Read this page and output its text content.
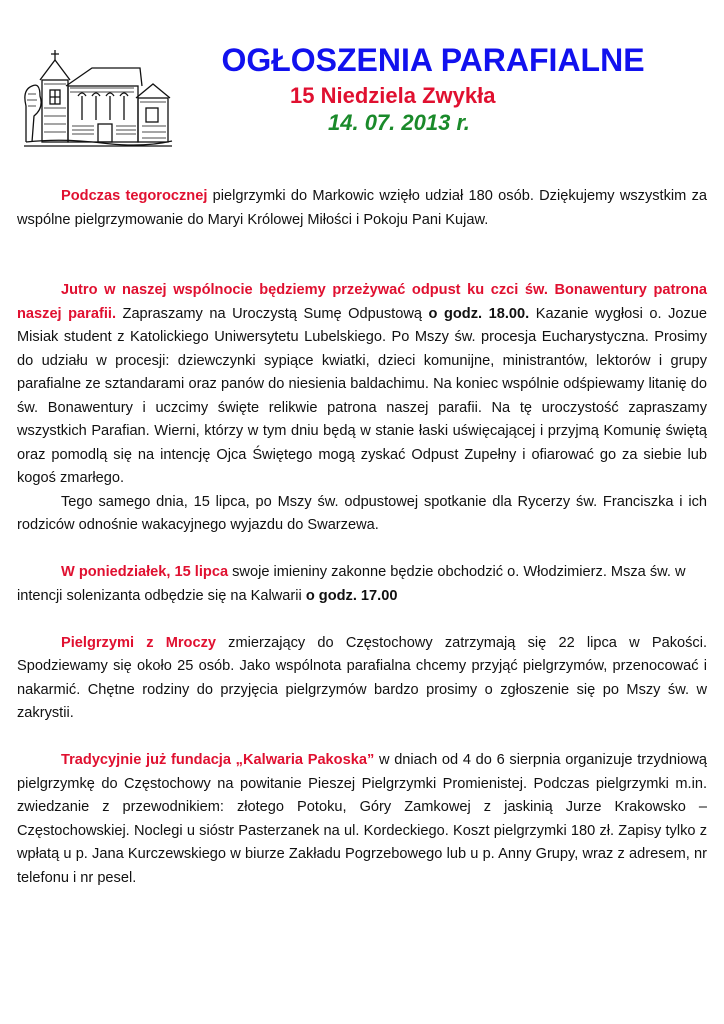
OGŁOSZENIA PARAFIALNE
15 Niedziela Zwykła
14. 07. 2013 r.

Podczas tegorocznej pielgrzymki do Markowic wzięło udział 180 osób. Dziękujemy wszystkim za wspólne pielgrzymowanie do Maryi Królowej Miłości i Pokoju Pani Kujaw.

Jutro w naszej wspólnocie będziemy przeżywać odpust ku czci św. Bonawentury patrona naszej parafii. Zapraszamy na Uroczystą Sumę Odpustową o godz. 18.00. Kazanie wygłosi o. Jozue Misiak student z Katolickiego Uniwersytetu Lubelskiego. Po Mszy św. procesja Eucharystyczna. Prosimy do udziału w procesji: dziewczynki sypiące kwiatki, dzieci komunijne, ministrantów, lektorów i grupy parafialne ze sztandarami oraz panów do niesienia baldachimu. Na koniec wspólnie odśpiewamy litanię do św. Bonawentury i uczcimy święte relikwie patrona naszej parafii. Na tę uroczystość zapraszamy wszystkich Parafian. Wierni, którzy w tym dniu będą w stanie łaski uświęcającej i przyjmą Komunię świętą oraz pomodlą się na intencję Ojca Świętego mogą zyskać Odpust Zupełny i ofiarować go za siebie lub kogoś zmarłego.

Tego samego dnia, 15 lipca, po Mszy św. odpustowej spotkanie dla Rycerzy św. Franciszka i ich rodziców odnośnie wakacyjnego wyjazdu do Swarzewa.

W poniedziałek, 15 lipca swoje imieniny zakonne będzie obchodzić o. Włodzimierz. Msza św. w intencji solenizanta odbędzie się na Kalwarii o godz. 17.00

Pielgrzymi z Mroczy zmierzający do Częstochowy zatrzymają się 22 lipca w Pakości. Spodziewamy się około 25 osób. Jako wspólnota parafialna chcemy przyjąć pielgrzymów, przenocować i nakarmić. Chętne rodziny do przyjęcia pielgrzymów bardzo prosimy o zgłoszenie się po Mszy św. w zakrystii.

Tradycyjnie już fundacja „Kalwaria Pakoska” w dniach od 4 do 6 sierpnia organizuje trzydniową pielgrzymkę do Częstochowy na powitanie Pieszej Pielgrzymki Promienistej. Podczas pielgrzymki m.in. zwiedzanie z przewodnikiem: złotego Potoku, Góry Zamkowej z jaskinią Jurze Krakowsko – Częstochowskiej. Noclegi u sióstr Pasterzanek na ul. Kordeckiego. Koszt pielgrzymki 180 zł. Zapisy tylko z wpłatą u p. Jana Kurczewskiego w biurze Zakładu Pogrzebowego lub u p. Anny Grupy, wraz z adresem, nr telefonu i nr pesel.
